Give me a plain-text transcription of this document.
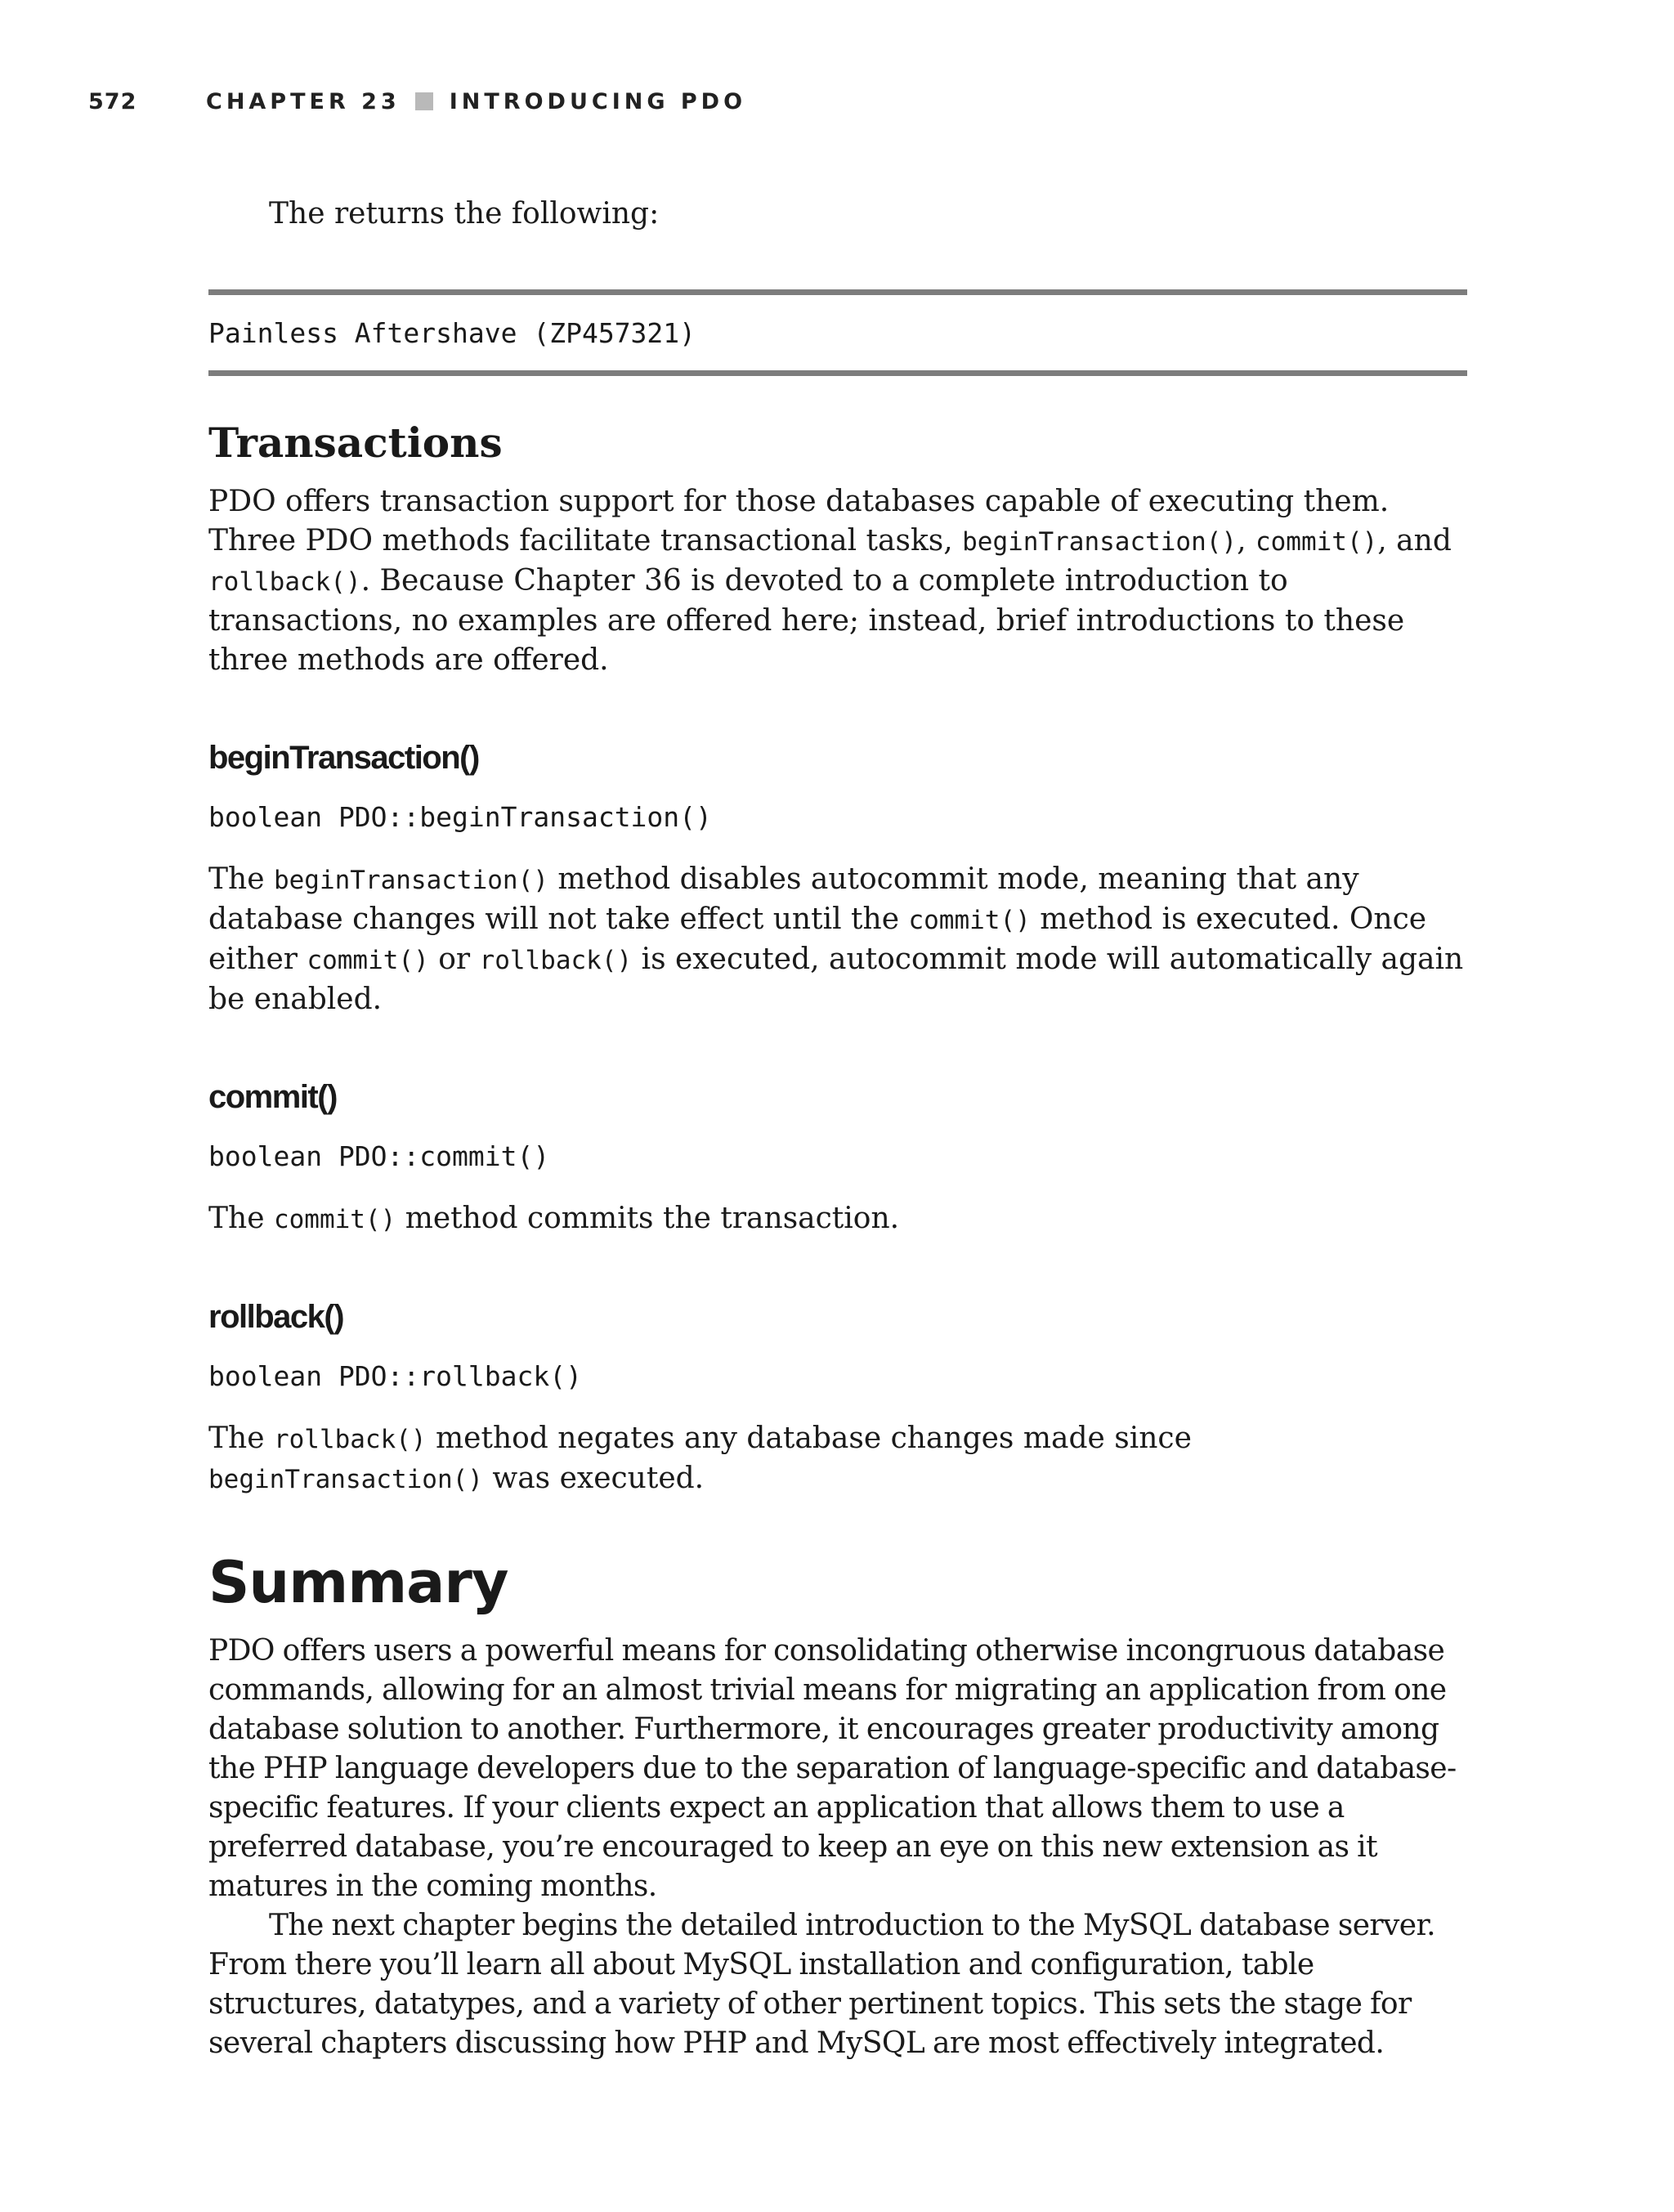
572	CHAPTER 23 INTRODUCING PDO

The returns the following:

Painless Aftershave (ZP457321)
Transactions

PDO offers transaction support for those databases capable of executing them. Three PDO methods facilitate transactional tasks, beginTransaction(), commit(), and rollback(). Because Chapter 36 is devoted to a complete introduction to transactions, no examples are offered here; instead, brief introductions to these three methods are offered.

beginTransaction()
boolean PDO::beginTransaction()

The beginTransaction() method disables autocommit mode, meaning that any database changes will not take effect until the commit() method is executed. Once either commit() or rollback() is executed, autocommit mode will automatically again be enabled.

commit()
boolean PDO::commit()

The commit() method commits the transaction.

rollback()
boolean PDO::rollback()

The rollback() method negates any database changes made since beginTransaction() was executed.

Summary

PDO offers users a powerful means for consolidating otherwise incongruous database commands, allowing for an almost trivial means for migrating an application from one database solution to another. Furthermore, it encourages greater productivity among the PHP language developers due to the separation of language-specific and database-specific features. If your clients expect an application that allows them to use a preferred database, you’re encouraged to keep an eye on this new extension as it matures in the coming months.

The next chapter begins the detailed introduction to the MySQL database server. From there you’ll learn all about MySQL installation and configuration, table structures, datatypes, and a variety of other pertinent topics. This sets the stage for several chapters discussing how PHP and MySQL are most effectively integrated.
